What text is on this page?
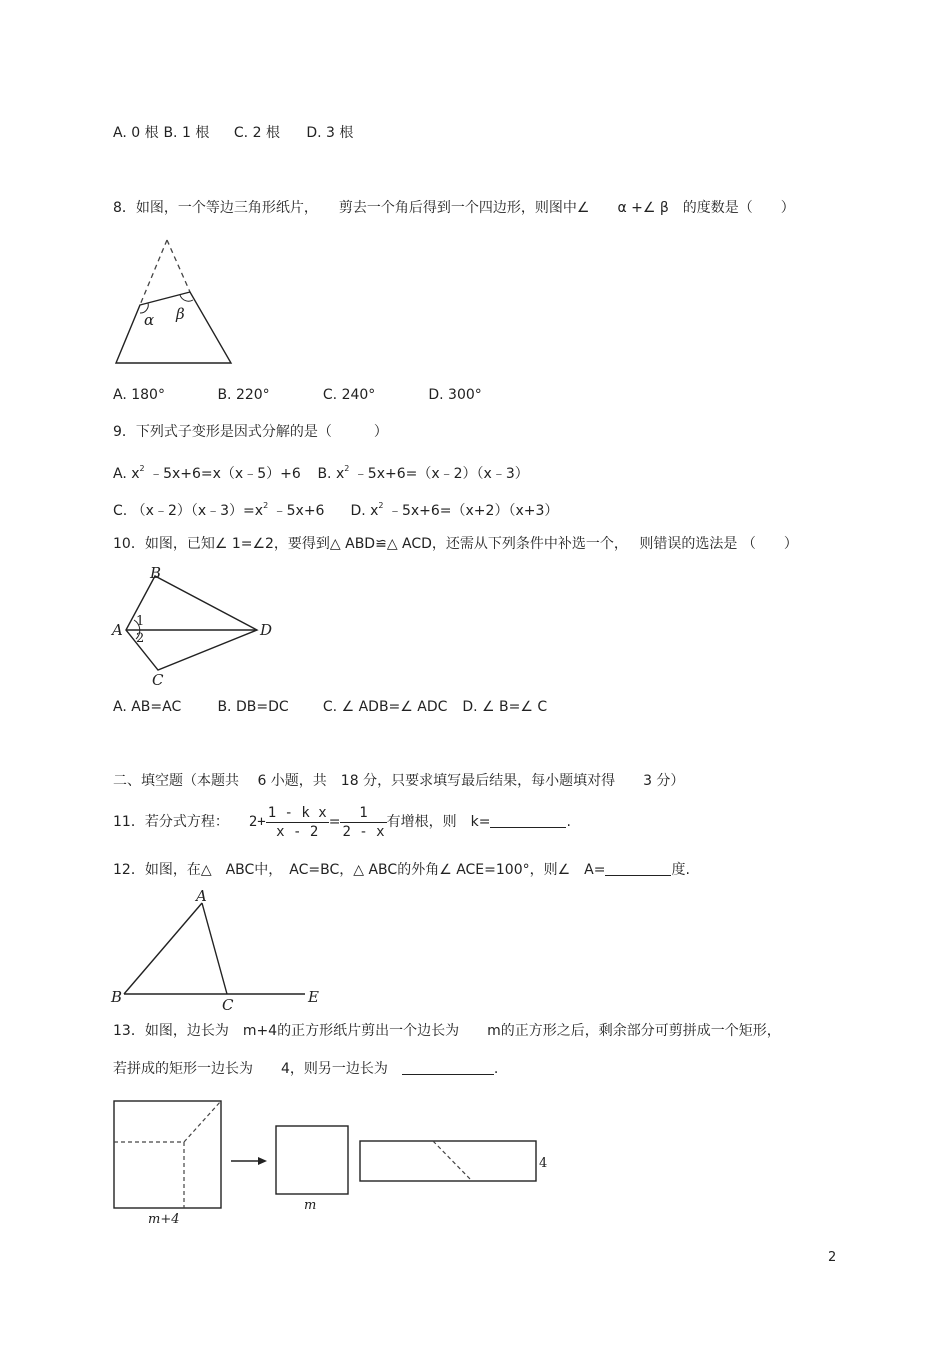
A. 0 根 B. 1 根 C. 2 根 D. 3 根
8．如图，一个等边三角形纸片，　　剪去一个角后得到一个四边形，则图中∠　　α +∠ β　的度数是（　　）
α β
A. 180°	B. 220°	C. 240°	D. 300°
9．下列式子变形是因式分解的是（　　　）
A. $x^2$ ﹣5x+6=x（x﹣5）+6 B. $x^2$ ﹣5x+6=（x﹣2）（x﹣3）
C. $(x﹣2)(x﹣3)=x^2$ ﹣5x+6 D. $x^2$ ﹣5x+6=（x+2）（x+3）
10．如图，已知∠ 1=∠2，要得到△ ABD≌△ ACD，还需从下列条件中补选一个，　 则错误的选法是 （　　）
B
A 1
2	D
C
A. AB=AC	B. DB=DC C. ∠ ADB=∠ ADC D. ∠ B=∠ C
二、填空题（本题共　 6 小题，共　18 分，只要求填写最后结果，每小题填对得　　3 分）
11．若分式方程： $2+ \frac{\text{1 - k x}}{x - 2} = \frac{1}{2 - x}$ 有增根，则　k=	.
12．如图，在△　ABC中，　AC=BC，△ ABC的外角∠ ACE=100°，则∠　A=	度.
A
B	C	E
13．如图，边长为　m+4的正方形纸片剪出一个边长为　　m的正方形之后，剩余部分可剪拼成一个矩形，
若拼成的矩形一边长为　　4，则另一边长为　	.
m+4
m
4
2
